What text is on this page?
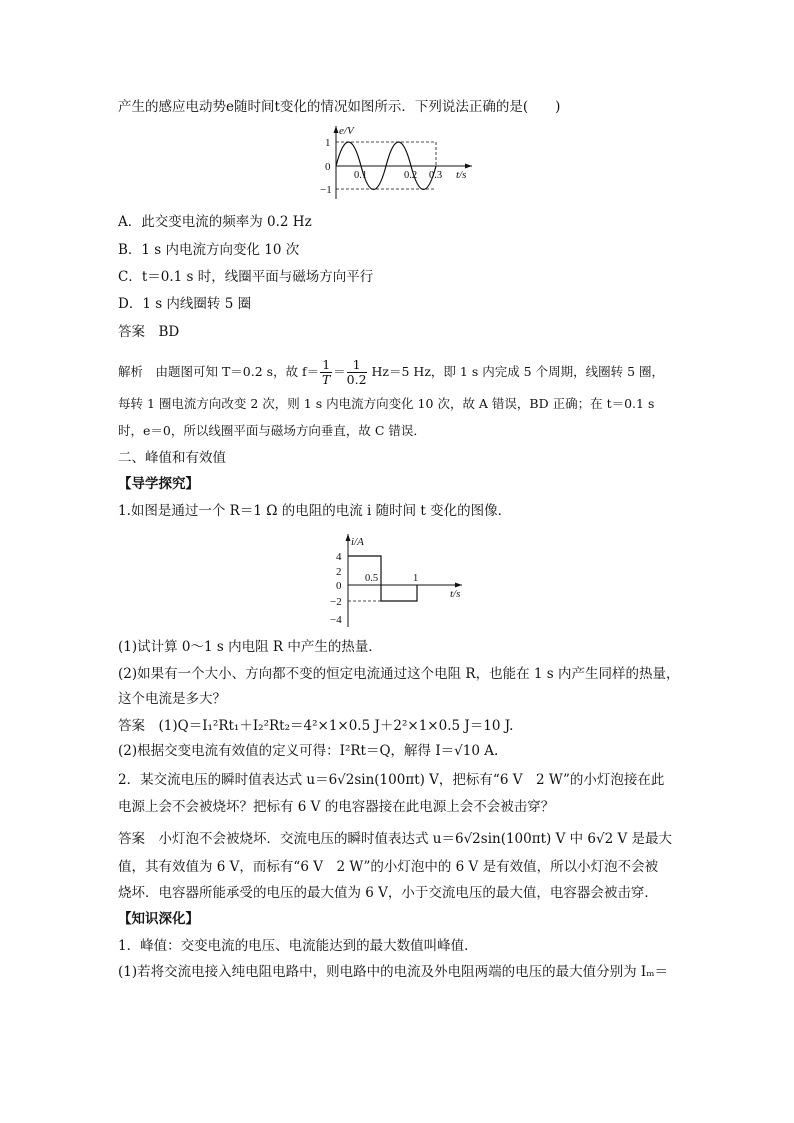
产生的感应电动势e随时间t变化的情况如图所示．下列说法正确的是(　　)
e/V
1
0
−1
0.1	0.2 0.3 t/s
A．此交变电流的频率为 0.2 Hz
B．1 s 内电流方向变化 10 次
C．t＝0.1 s 时，线圈平面与磁场方向平行
D．1 s 内线圈转 5 圈
答案　BD
解析　由题图可知 T＝0.2 s，故 $f= \frac{1}{T} = \frac{1}{0.2} Hz=5$ Hz，即 1 s 内完成 5 个周期，线圈转 5 圈，
每转 1 圈电流方向改变 2 次，则 1 s 内电流方向变化 10 次，故 A 错误，BD 正确；在 t＝0.1 s
时，e＝0，所以线圈平面与磁场方向垂直，故 C 错误．
二、峰值和有效值
【导学探究】
1.如图是通过一个 R＝1 Ω 的电阻的电流 i 随时间 t 变化的图像．
i/A
4
2
0
−2
−4
0.5	1
t/s
(1)试计算 0～1 s 内电阻 R 中产生的热量．
(2)如果有一个大小、方向都不变的恒定电流通过这个电阻 R，也能在 1 s 内产生同样的热量，
这个电流是多大？
答案　(1)Q＝I₁²Rt₁＋I₂²Rt₂＝4²×1×0.5 J＋2²×1×0.5 J＝10 J.
(2)根据交变电流有效值的定义可得：I²Rt＝Q，解得 I＝√10 A.
2．某交流电压的瞬时值表达式 u＝6√2sin(100πt) V，把标有“6 V　2 W”的小灯泡接在此
电源上会不会被烧坏？把标有 6 V 的电容器接在此电源上会不会被击穿？
答案　小灯泡不会被烧坏．交流电压的瞬时值表达式 u＝6√2sin(100πt) V 中 6√2 V 是最大
值，其有效值为 6 V，而标有“6 V　2 W”的小灯泡中的 6 V 是有效值，所以小灯泡不会被
烧坏．电容器所能承受的电压的最大值为 6 V，小于交流电压的最大值，电容器会被击穿．
【知识深化】
1．峰值：交变电流的电压、电流能达到的最大数值叫峰值．
(1)若将交流电接入纯电阻电路中，则电路中的电流及外电阻两端的电压的最大值分别为 Iₘ＝
